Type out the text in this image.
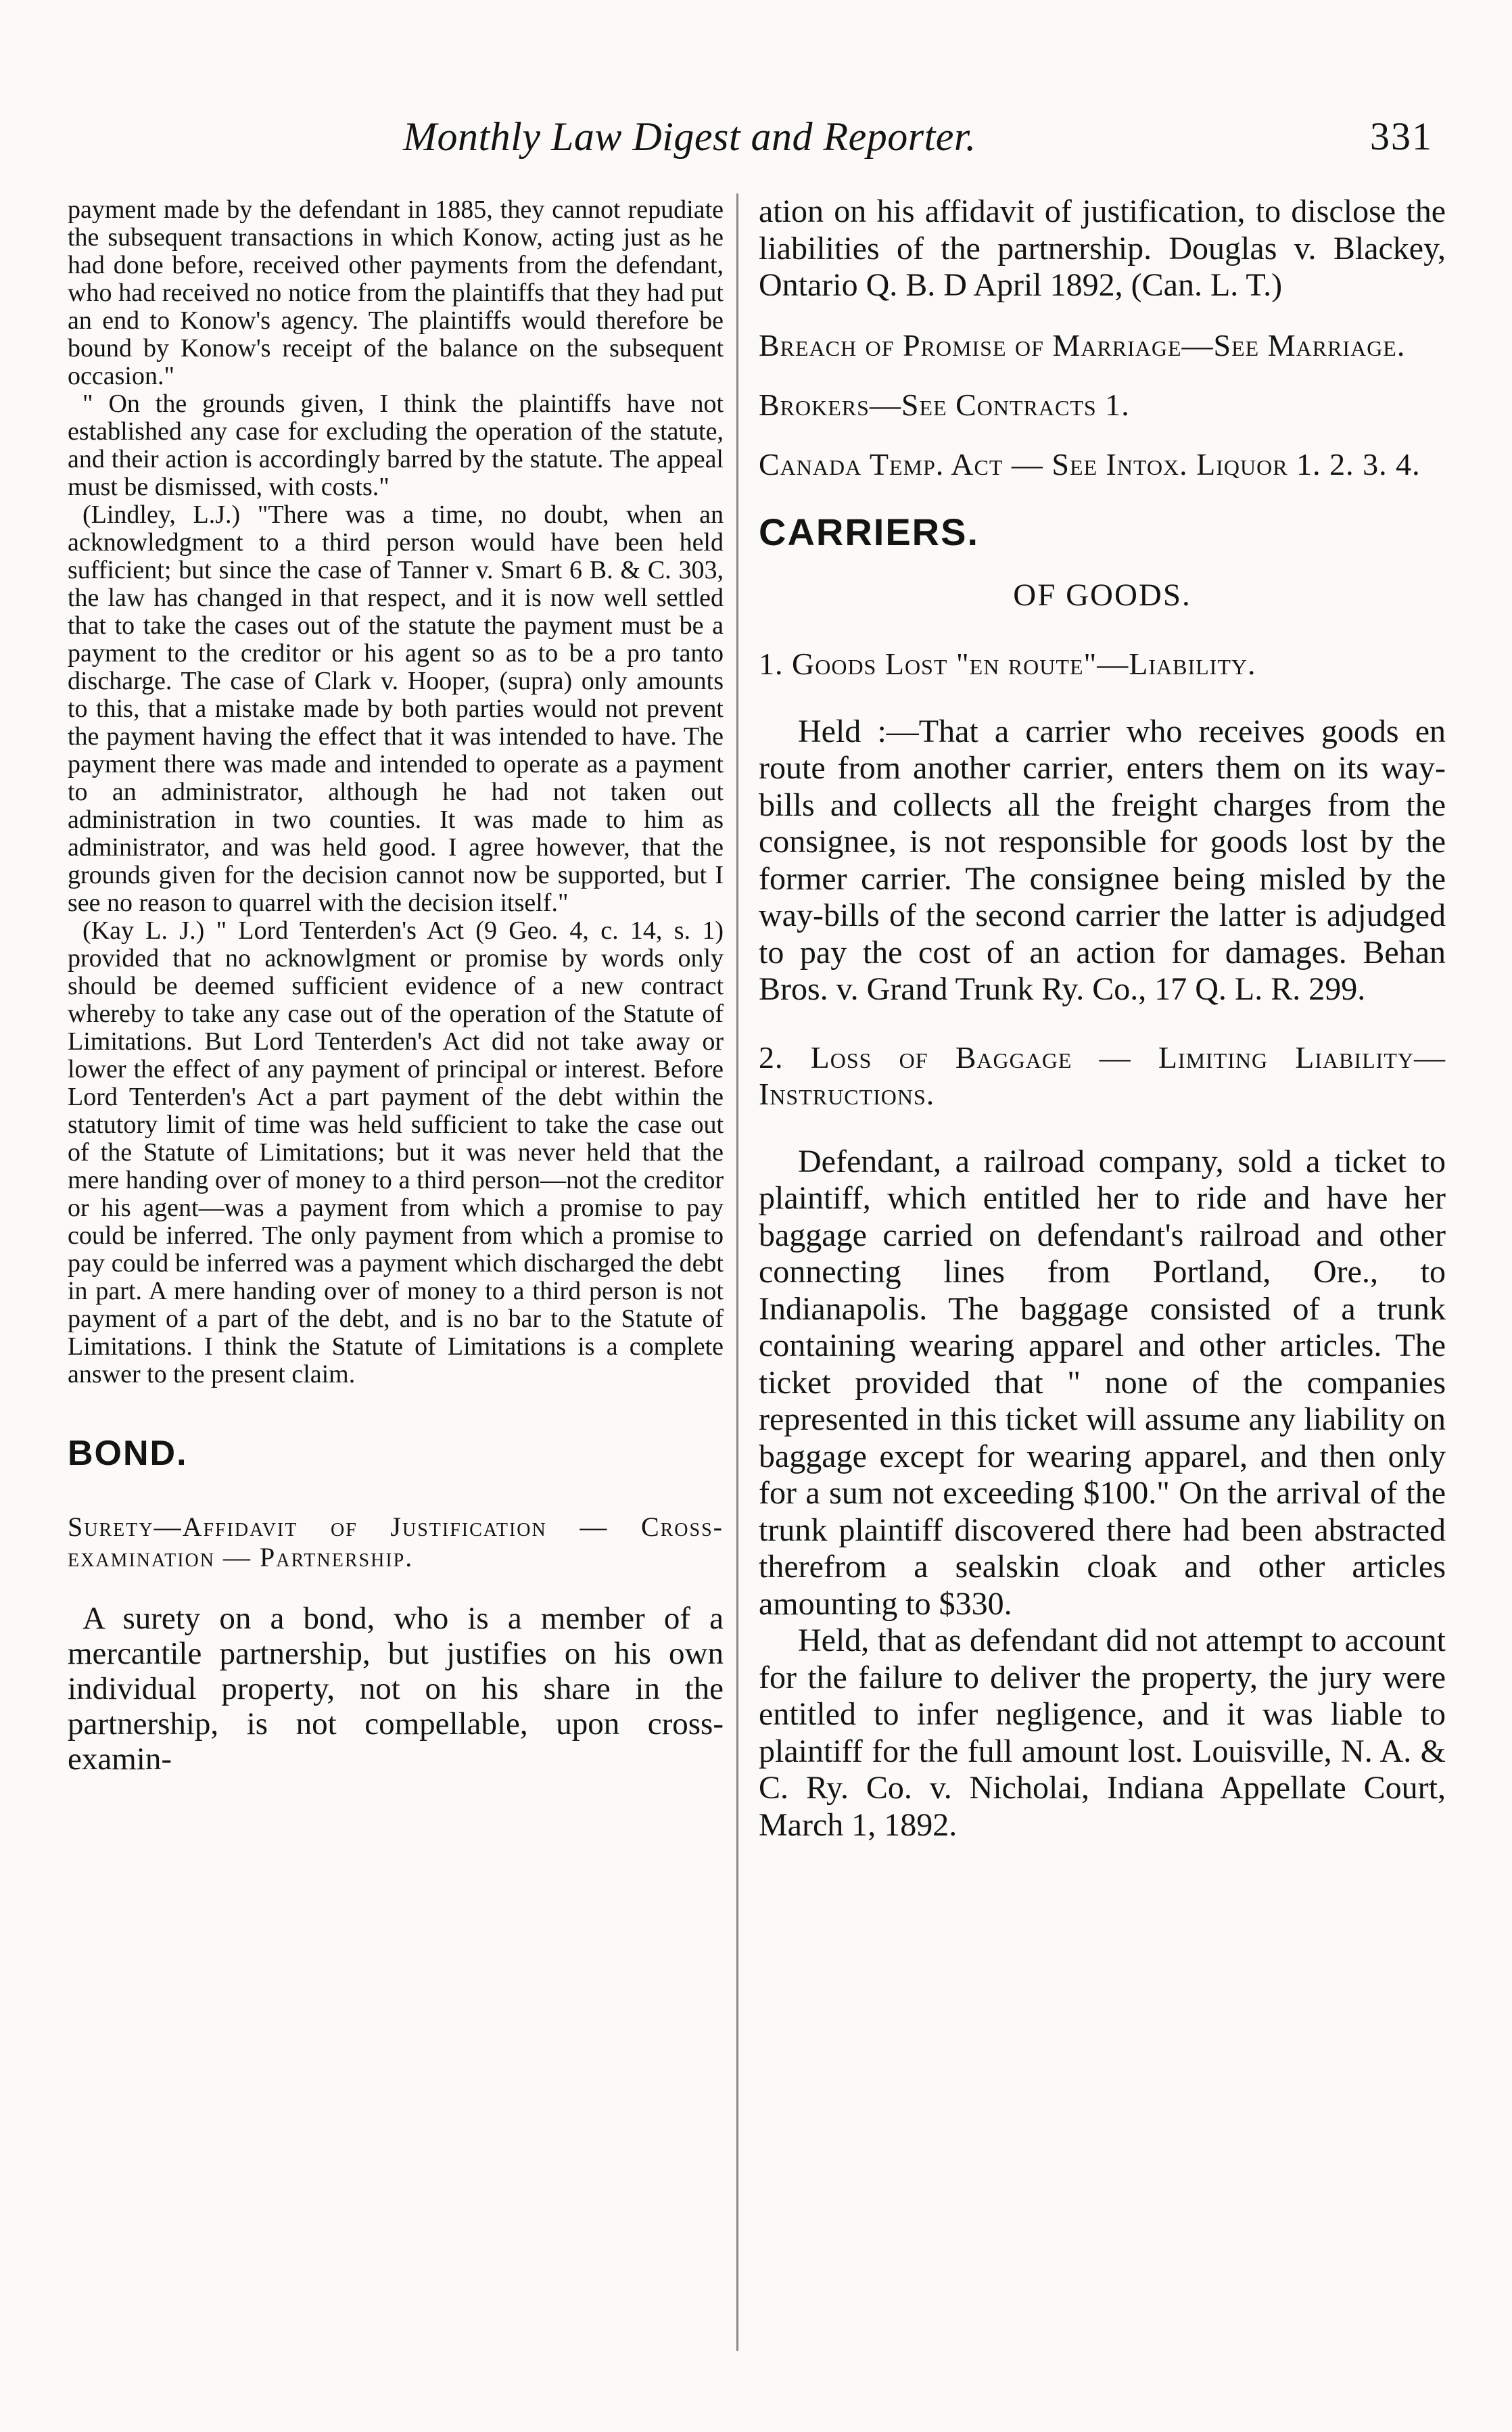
Monthly Law Digest and Reporter.	331

payment made by the defendant in 1885, they cannot repudiate the subsequent transactions in which Konow, acting just as he had done before, received other payments from the defendant, who had received no notice from the plaintiffs that they had put an end to Konow's agency. The plaintiffs would therefore be bound by Konow's receipt of the balance on the subsequent occasion."

" On the grounds given, I think the plaintiffs have not established any case for excluding the operation of the statute, and their action is accordingly barred by the statute. The appeal must be dismissed, with costs."

(Lindley, L.J.) "There was a time, no doubt, when an acknowledgment to a third person would have been held sufficient; but since the case of Tanner v. Smart 6 B. & C. 303, the law has changed in that respect, and it is now well settled that to take the cases out of the statute the payment must be a payment to the creditor or his agent so as to be a pro tanto discharge. The case of Clark v. Hooper, (supra) only amounts to this, that a mistake made by both parties would not prevent the payment having the effect that it was intended to have. The payment there was made and intended to operate as a payment to an administrator, although he had not taken out administration in two counties. It was made to him as administrator, and was held good. I agree however, that the grounds given for the decision cannot now be supported, but I see no reason to quarrel with the decision itself."

(Kay L. J.) " Lord Tenterden's Act (9 Geo. 4, c. 14, s. 1) provided that no acknowlgment or promise by words only should be deemed sufficient evidence of a new contract whereby to take any case out of the operation of the Statute of Limitations. But Lord Tenterden's Act did not take away or lower the effect of any payment of principal or interest. Before Lord Tenterden's Act a part payment of the debt within the statutory limit of time was held sufficient to take the case out of the Statute of Limitations; but it was never held that the mere handing over of money to a third person—not the creditor or his agent—was a payment from which a promise to pay could be inferred. The only payment from which a promise to pay could be inferred was a payment which discharged the debt in part. A mere handing over of money to a third person is not payment of a part of the debt, and is no bar to the Statute of Limitations. I think the Statute of Limitations is a complete answer to the present claim.

BOND.

Surety—Affidavit of Justification — Cross-examination — Partnership.

A surety on a bond, who is a member of a mercantile partnership, but justifies on his own individual property, not on his share in the partnership, is not compellable, upon cross-examin-

ation on his affidavit of justification, to disclose the liabilities of the partnership. Douglas v. Blackey, Ontario Q. B. D April 1892, (Can. L. T.)

Breach of Promise of Marriage—See Marriage.

Brokers—See Contracts 1.

Canada Temp. Act — See Intox. Liquor 1. 2. 3. 4.

CARRIERS.

OF GOODS.

1. Goods Lost "en route"—Liability.

Held :—That a carrier who receives goods en route from another carrier, enters them on its way-bills and collects all the freight charges from the consignee, is not responsible for goods lost by the former carrier. The consignee being misled by the way-bills of the second carrier the latter is adjudged to pay the cost of an action for damages. Behan Bros. v. Grand Trunk Ry. Co., 17 Q. L. R. 299.

2. Loss of Baggage — Limiting Liability—Instructions.

Defendant, a railroad company, sold a ticket to plaintiff, which entitled her to ride and have her baggage carried on defendant's railroad and other connecting lines from Portland, Ore., to Indianapolis. The baggage consisted of a trunk containing wearing apparel and other articles. The ticket provided that " none of the companies represented in this ticket will assume any liability on baggage except for wearing apparel, and then only for a sum not exceeding $100." On the arrival of the trunk plaintiff discovered there had been abstracted therefrom a sealskin cloak and other articles amounting to $330.

Held, that as defendant did not attempt to account for the failure to deliver the property, the jury were entitled to infer negligence, and it was liable to plaintiff for the full amount lost. Louisville, N. A. & C. Ry. Co. v. Nicholai, Indiana Appellate Court, March 1, 1892.
